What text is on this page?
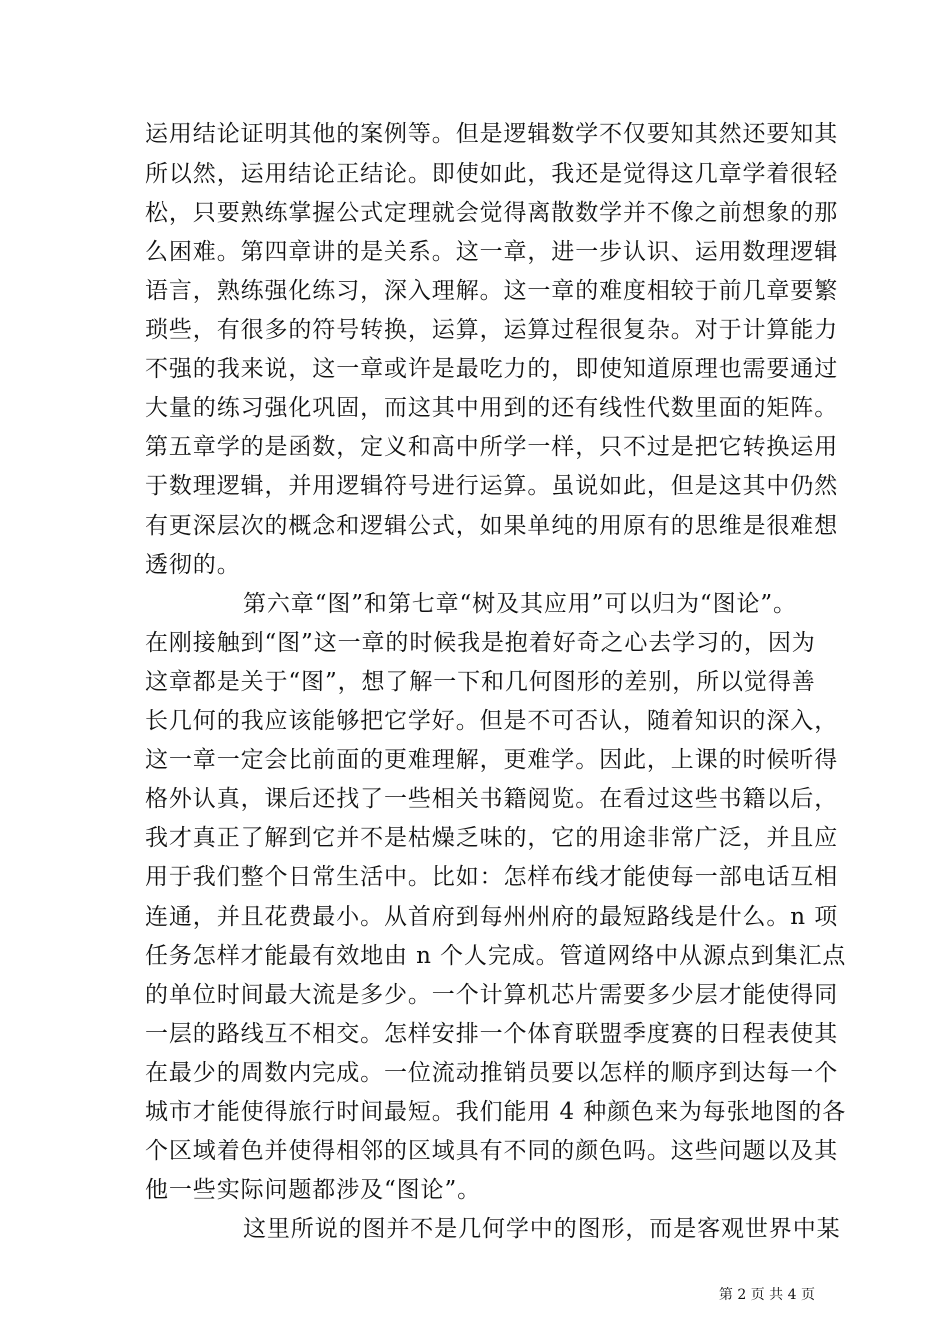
运用结论证明其他的案例等。但是逻辑数学不仅要知其然还要知其
所以然，运用结论正结论。即使如此，我还是觉得这几章学着很轻
松，只要熟练掌握公式定理就会觉得离散数学并不像之前想象的那
么困难。第四章讲的是关系。这一章，进一步认识、运用数理逻辑
语言，熟练强化练习，深入理解。这一章的难度相较于前几章要繁
琐些，有很多的符号转换，运算，运算过程很复杂。对于计算能力
不强的我来说，这一章或许是最吃力的，即使知道原理也需要通过
大量的练习强化巩固，而这其中用到的还有线性代数里面的矩阵。
第五章学的是函数，定义和高中所学一样，只不过是把它转换运用
于数理逻辑，并用逻辑符号进行运算。虽说如此，但是这其中仍然
有更深层次的概念和逻辑公式，如果单纯的用原有的思维是很难想
透彻的。
第六章“图”和第七章“树及其应用”可以归为“图论”。
在刚接触到“图”这一章的时候我是抱着好奇之心去学习的，因为
这章都是关于“图”，想了解一下和几何图形的差别，所以觉得善
长几何的我应该能够把它学好。但是不可否认，随着知识的深入，
这一章一定会比前面的更难理解，更难学。因此，上课的时候听得
格外认真，课后还找了一些相关书籍阅览。在看过这些书籍以后，
我才真正了解到它并不是枯燥乏味的，它的用途非常广泛，并且应
用于我们整个日常生活中。比如：怎样布线才能使每一部电话互相
连通，并且花费最小。从首府到每州州府的最短路线是什么。n 项
任务怎样才能最有效地由 n 个人完成。管道网络中从源点到集汇点
的单位时间最大流是多少。一个计算机芯片需要多少层才能使得同
一层的路线互不相交。怎样安排一个体育联盟季度赛的日程表使其
在最少的周数内完成。一位流动推销员要以怎样的顺序到达每一个
城市才能使得旅行时间最短。我们能用 4 种颜色来为每张地图的各
个区域着色并使得相邻的区域具有不同的颜色吗。这些问题以及其
他一些实际问题都涉及“图论”。
这里所说的图并不是几何学中的图形，而是客观世界中某
第 2 页 共 4 页
